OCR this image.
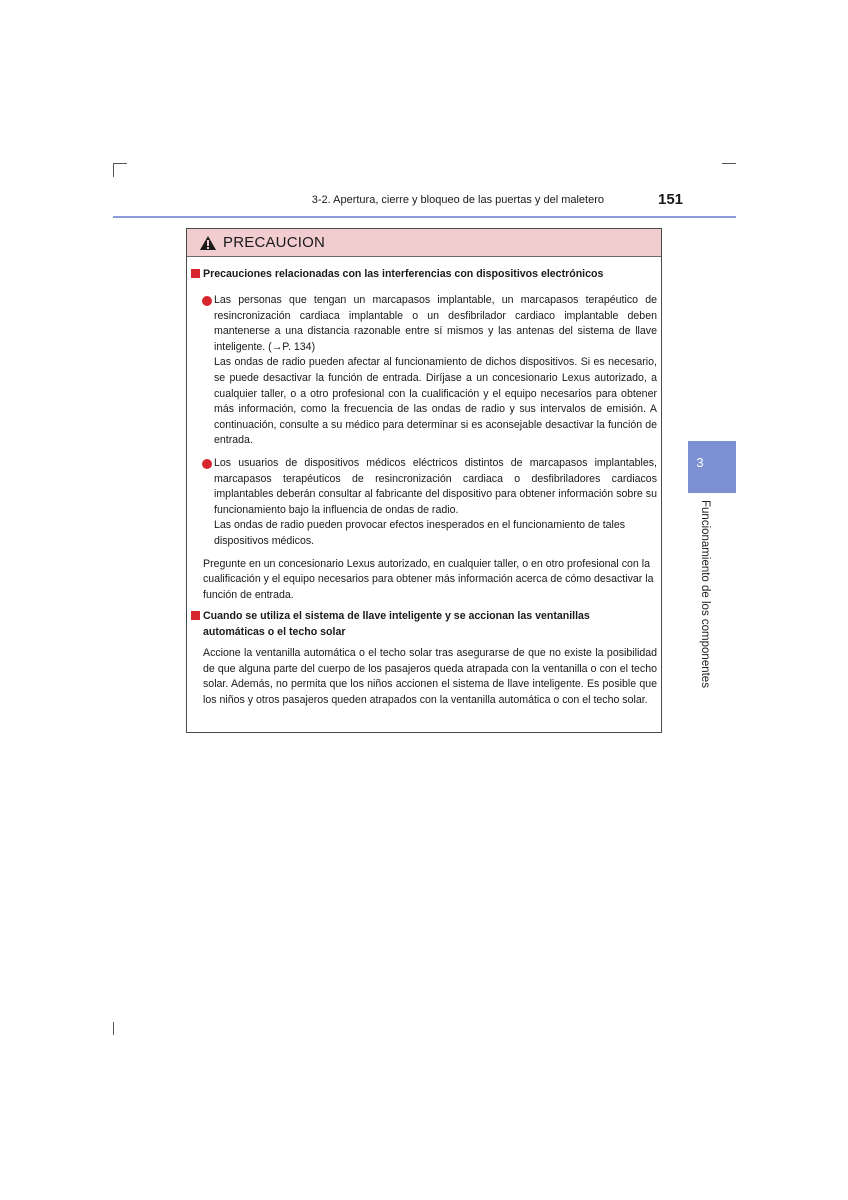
3-2. Apertura, cierre y bloqueo de las puertas y del maletero	151
3
Funcionamiento de los componentes
PRECAUCION
Precauciones relacionadas con las interferencias con dispositivos electrónicos
Las personas que tengan un marcapasos implantable, un marcapasos terapéutico de resincronización cardiaca implantable o un desfibrilador cardiaco implantable deben mantenerse a una distancia razonable entre sí mismos y las antenas del sistema de llave inteligente. (→P. 134)
Las ondas de radio pueden afectar al funcionamiento de dichos dispositivos. Si es necesario, se puede desactivar la función de entrada. Diríjase a un concesionario Lexus autorizado, a cualquier taller, o a otro profesional con la cualificación y el equipo necesarios para obtener más información, como la frecuencia de las ondas de radio y sus intervalos de emisión. A continuación, consulte a su médico para determinar si es aconsejable desactivar la función de entrada.
Los usuarios de dispositivos médicos eléctricos distintos de marcapasos implantables, marcapasos terapéuticos de resincronización cardiaca o desfibriladores cardiacos implantables deberán consultar al fabricante del dispositivo para obtener información sobre su funcionamiento bajo la influencia de ondas de radio.
Las ondas de radio pueden provocar efectos inesperados en el funcionamiento de tales dispositivos médicos.
Pregunte en un concesionario Lexus autorizado, en cualquier taller, o en otro profesional con la cualificación y el equipo necesarios para obtener más información acerca de cómo desactivar la función de entrada.
Cuando se utiliza el sistema de llave inteligente y se accionan las ventanillas automáticas o el techo solar
Accione la ventanilla automática o el techo solar tras asegurarse de que no existe la posibilidad de que alguna parte del cuerpo de los pasajeros queda atrapada con la ventanilla o con el techo solar. Además, no permita que los niños accionen el sistema de llave inteligente. Es posible que los niños y otros pasajeros queden atrapados con la ventanilla automática o con el techo solar.
